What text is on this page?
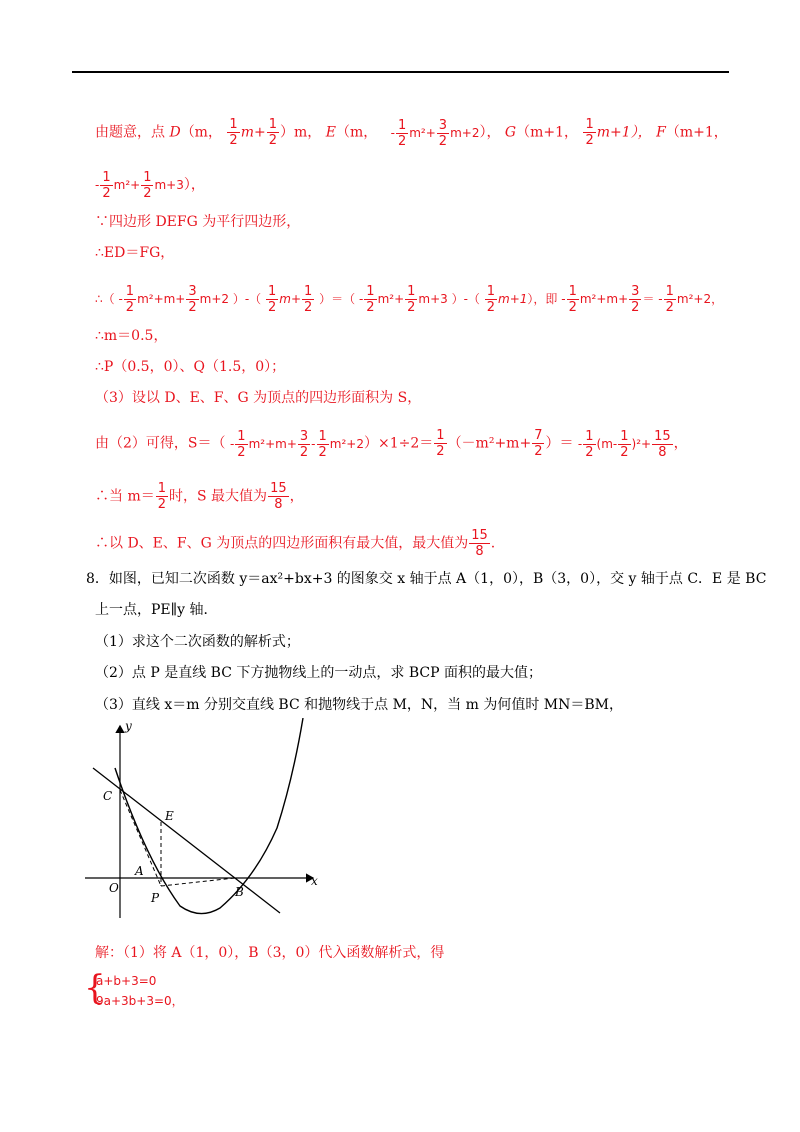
由题意，点 D（m， $\frac{1}{2} m+ \frac{1}{2} )m$， E（m， - $\frac{1}{2} m^2+ \frac{3}{2} m+2$）， G（m+1， $\frac{1}{2} m+1$）， F（m+1，
- $\frac{1}{2} m^2+ \frac{1}{2} m+3$），
∵四边形 DEFG 为平行四边形，
∴ED＝FG，
∴（ - $\frac{1}{2} m^2+m+ \frac{3}{2} m+2$ ）-（ $\frac{1}{2} m+ \frac{1}{2}$ ）＝（ - $\frac{1}{2} m^2+ \frac{1}{2} m+3$ ）-（ $\frac{1}{2} m+1$），即 - $\frac{1}{2} m^2+m+ \frac{3}{2}$ ＝ - $\frac{1}{2} m^2+2$，
∴m＝0.5，
∴P（0.5，0）、Q（1.5，0）；
（3）设以 D、E、F、G 为顶点的四边形面积为 S，
由（2）可得，$S=( - \frac{1}{2} m^2+m+ \frac{3}{2} - \frac{1}{2} m^2+2)\times 1\div 2= \frac{1}{2} (-m^2+m+ \frac{7}{2}$ ）＝ - $\frac{1}{2} (m- \frac{1}{2} )^2+ \frac{15}{8}$ ，
∴当 $m= \frac{1}{2}$ 时，S 最大值为 $\frac{15}{8}$ ，
∴以 D、E、F、G 为顶点的四边形面积有最大值，最大值为 $\frac{15}{8}$ .
8．如图，已知二次函数 y＝ax²+bx+3 的图象交 x 轴于点 A（1，0），B（3，0），交 y 轴于点 C．E 是 BC
上一点，PE∥y 轴．
（1）求这个二次函数的解析式；
（2）点 P 是直线 BC 下方抛物线上的一动点，求 BCP 面积的最大值；
（3）直线 x＝m 分别交直线 BC 和抛物线于点 M，N，当 m 为何值时 MN＝BM，
y
x
C
E
O
A
P	B
解：（1）将 A（1，0），B（3，0）代入函数解析式，得
{
a+b+3=0
9a+3b+3=0，
